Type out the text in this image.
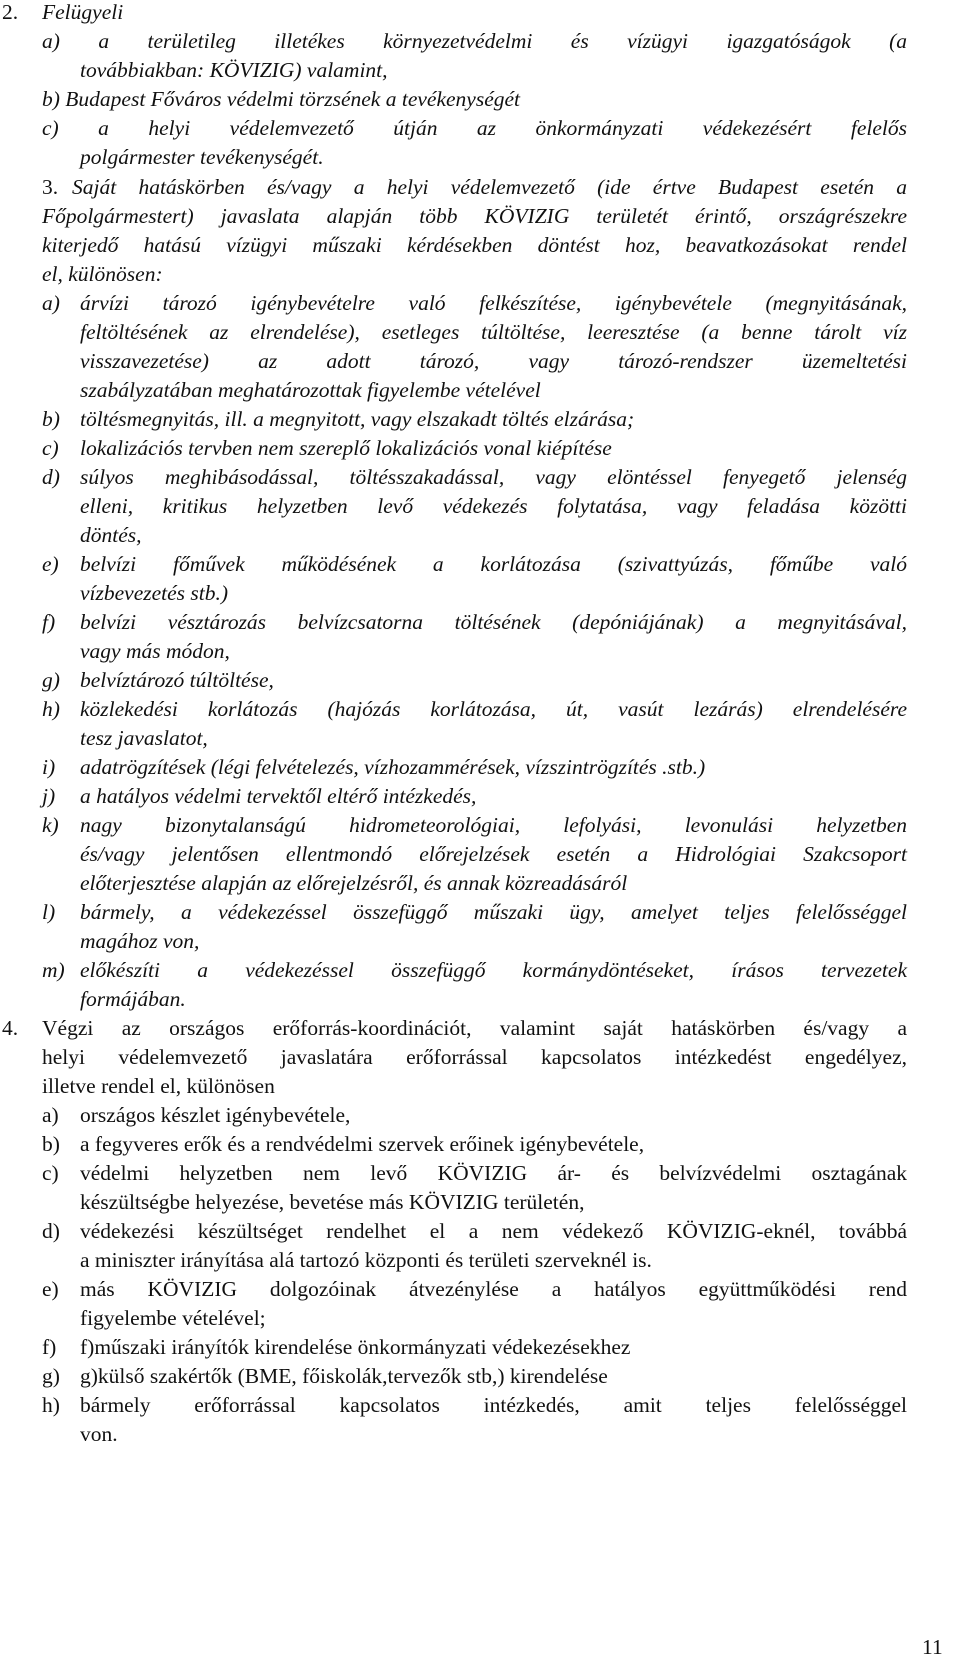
2. Felügyeli

a) a területileg illetékes környezetvédelmi és vízügyi igazgatóságok (a

továbbiakban: KÖVIZIG) valamint,

b) Budapest Főváros védelmi törzsének a tevékenységét

c) a helyi védelemvezető útján az önkormányzati védekezésért felelős

polgármester tevékenységét.

3. Saját hatáskörben és/vagy a helyi védelemvezető (ide értve Budapest esetén a

Főpolgármestert) javaslata alapján több KÖVIZIG területét érintő, országrészekre

kiterjedő hatású vízügyi műszaki kérdésekben döntést hoz, beavatkozásokat rendel

el, különösen:

a) árvízi tározó igénybevételre való felkészítése, igénybevétele (megnyitásának,

feltöltésének az elrendelése), esetleges túltöltése, leeresztése (a benne tárolt víz

visszavezetése) az adott tározó, vagy tározó-rendszer üzemeltetési

szabályzatában meghatározottak figyelembe vételével

b) töltésmegnyitás, ill. a megnyitott, vagy elszakadt töltés elzárása;

c) lokalizációs tervben nem szereplő lokalizációs vonal kiépítése

d) súlyos meghibásodással, töltésszakadással, vagy elöntéssel fenyegető jelenség

elleni, kritikus helyzetben levő védekezés folytatása, vagy feladása közötti

döntés,

e) belvízi főművek működésének a korlátozása (szivattyúzás, főműbe való

vízbevezetés stb.)

f) belvízi vésztározás belvízcsatorna töltésének (depóniájának) a megnyitásával,

vagy más módon,

g) belvíztározó túltöltése,

h) közlekedési korlátozás (hajózás korlátozása, út, vasút lezárás) elrendelésére

tesz javaslatot,

i) adatrögzítések (légi felvételezés, vízhozammérések, vízszintrögzítés .stb.)

j) a hatályos védelmi tervektől eltérő intézkedés,

k) nagy bizonytalanságú hidrometeorológiai, lefolyási, levonulási helyzetben

és/vagy jelentősen ellentmondó előrejelzések esetén a Hidrológiai Szakcsoport

előterjesztése alapján az előrejelzésről, és annak közreadásáról

l) bármely, a védekezéssel összefüggő műszaki ügy, amelyet teljes felelősséggel

magához von,

m) előkészíti a védekezéssel összefüggő kormánydöntéseket, írásos tervezetek

formájában.

4. Végzi az országos erőforrás-koordinációt, valamint saját hatáskörben és/vagy a

helyi védelemvezető javaslatára erőforrással kapcsolatos intézkedést engedélyez,

illetve rendel el, különösen

a) országos készlet igénybevétele,

b) a fegyveres erők és a rendvédelmi szervek erőinek igénybevétele,

c) védelmi helyzetben nem levő KÖVIZIG ár- és belvízvédelmi osztagának

készültségbe helyezése, bevetése más KÖVIZIG területén,

d) védekezési készültséget rendelhet el a nem védekező KÖVIZIG-eknél, továbbá

a miniszter irányítása alá tartozó központi és területi szerveknél is.

e) más KÖVIZIG dolgozóinak átvezénylése a hatályos együttműködési rend

figyelembe vételével;

f) f)műszaki irányítók kirendelése önkormányzati védekezésekhez

g) g)külső szakértők (BME, főiskolák,tervezők stb,) kirendelése

h) bármely erőforrással kapcsolatos intézkedés, amit teljes felelősséggel

von.

11
